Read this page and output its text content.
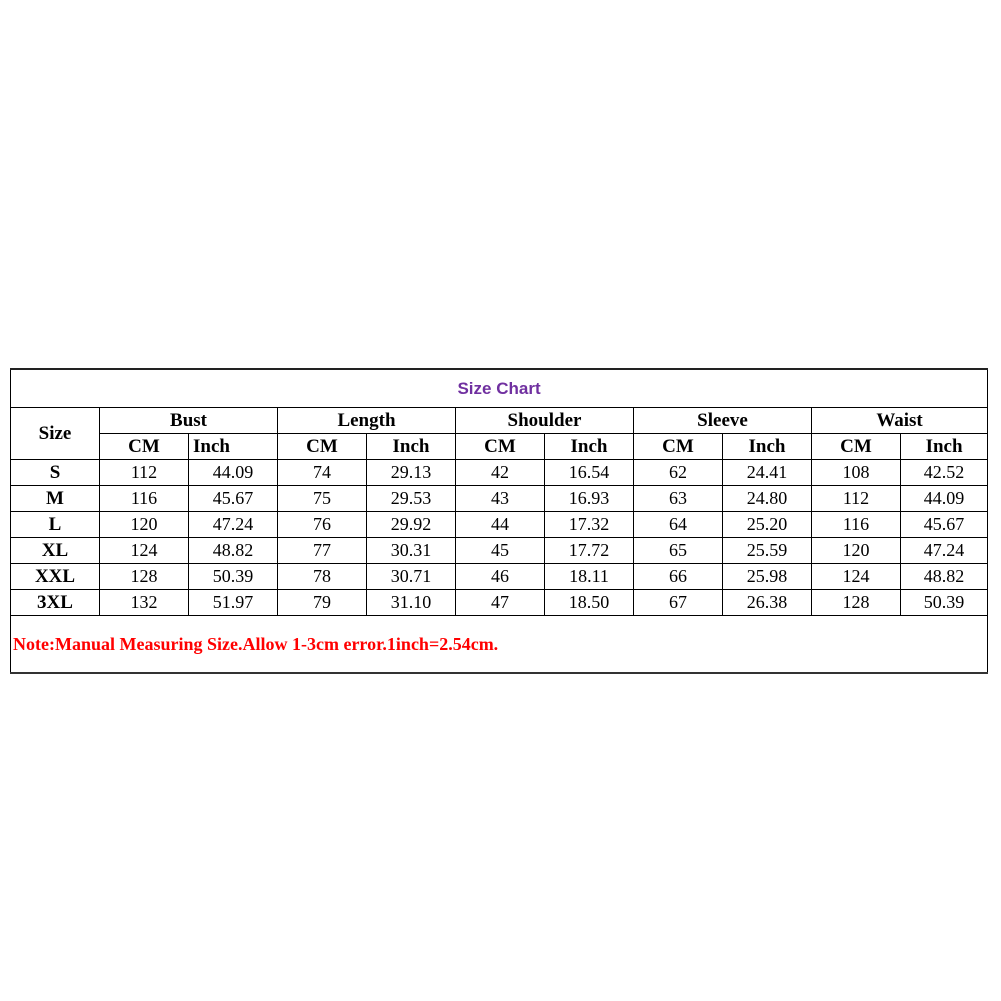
Size Chart										
Size	Bust		Length		Shoulder		Sleeve		Waist	
	CM	Inch	CM	Inch	CM	Inch	CM	Inch	CM	Inch
S	112	44.09	74	29.13	42	16.54	62	24.41	108	42.52
M	116	45.67	75	29.53	43	16.93	63	24.80	112	44.09
L	120	47.24	76	29.92	44	17.32	64	25.20	116	45.67
XL	124	48.82	77	30.31	45	17.72	65	25.59	120	47.24
XXL	128	50.39	78	30.71	46	18.11	66	25.98	124	48.82
3XL	132	51.97	79	31.10	47	18.50	67	26.38	128	50.39
Note:Manual Measuring Size.Allow 1-3cm error.1inch=2.54cm.										
